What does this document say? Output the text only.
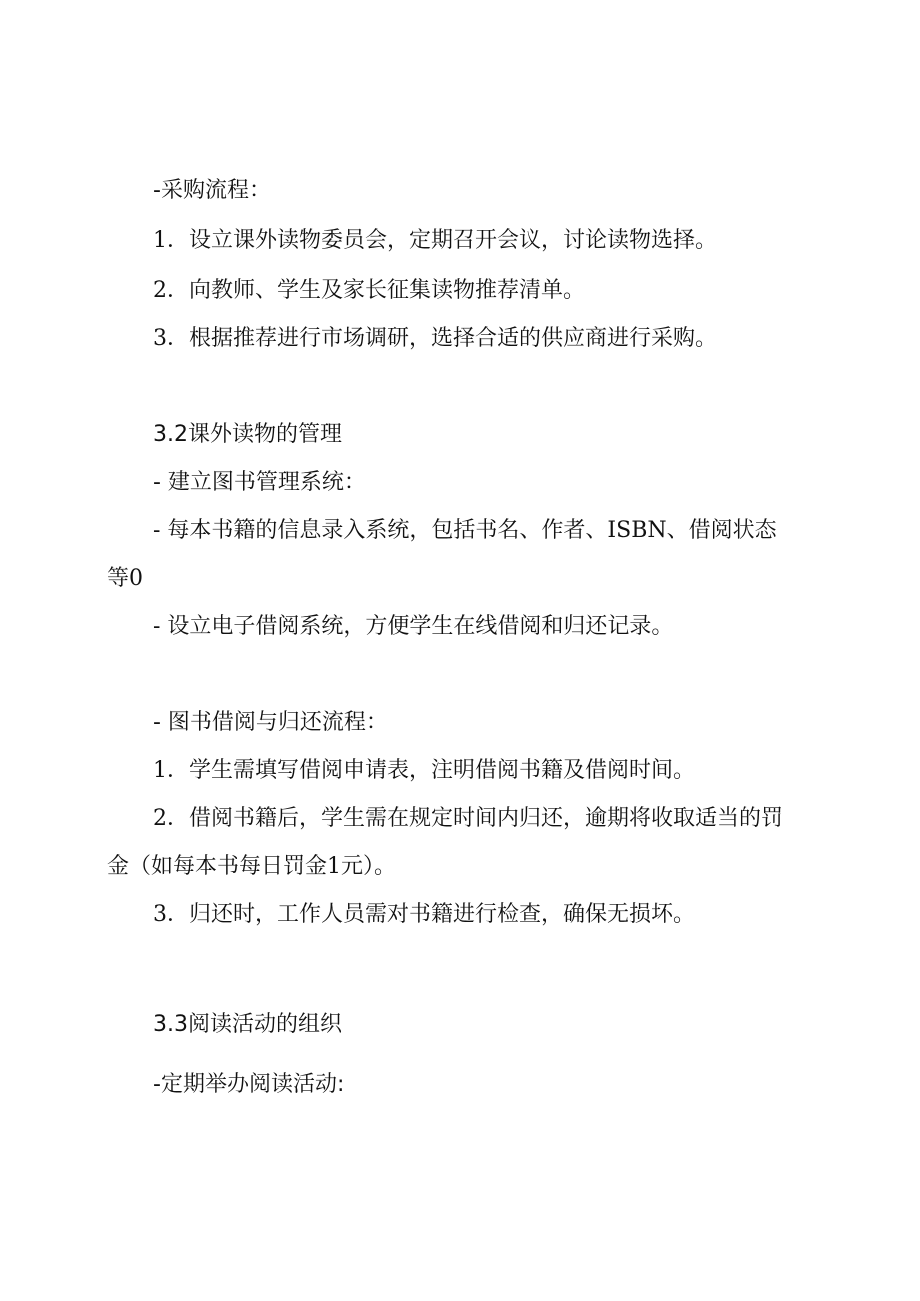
-采购流程：
1．设立课外读物委员会，定期召开会议，讨论读物选择。
2．向教师、学生及家长征集读物推荐清单。
3．根据推荐进行市场调研，选择合适的供应商进行采购。
3.2课外读物的管理
- 建立图书管理系统：
- 每本书籍的信息录入系统，包括书名、作者、ISBN、借阅状态
等0
- 设立电子借阅系统，方便学生在线借阅和归还记录。
- 图书借阅与归还流程：
1．学生需填写借阅申请表，注明借阅书籍及借阅时间。
2．借阅书籍后，学生需在规定时间内归还，逾期将收取适当的罚
金（如每本书每日罚金1元）。
3．归还时，工作人员需对书籍进行检查，确保无损坏。
3.3阅读活动的组织
-定期举办阅读活动:
